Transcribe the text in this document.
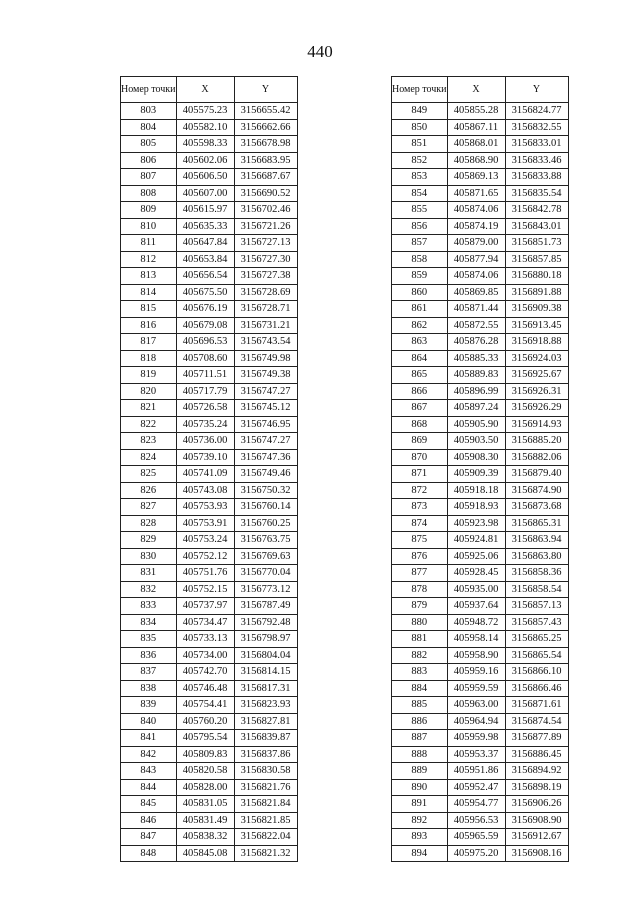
440
Номер точки	X	Y
803	405575.23	3156655.42
804	405582.10	3156662.66
805	405598.33	3156678.98
806	405602.06	3156683.95
807	405606.50	3156687.67
808	405607.00	3156690.52
809	405615.97	3156702.46
810	405635.33	3156721.26
811	405647.84	3156727.13
812	405653.84	3156727.30
813	405656.54	3156727.38
814	405675.50	3156728.69
815	405676.19	3156728.71
816	405679.08	3156731.21
817	405696.53	3156743.54
818	405708.60	3156749.98
819	405711.51	3156749.38
820	405717.79	3156747.27
821	405726.58	3156745.12
822	405735.24	3156746.95
823	405736.00	3156747.27
824	405739.10	3156747.36
825	405741.09	3156749.46
826	405743.08	3156750.32
827	405753.93	3156760.14
828	405753.91	3156760.25
829	405753.24	3156763.75
830	405752.12	3156769.63
831	405751.76	3156770.04
832	405752.15	3156773.12
833	405737.97	3156787.49
834	405734.47	3156792.48
835	405733.13	3156798.97
836	405734.00	3156804.04
837	405742.70	3156814.15
838	405746.48	3156817.31
839	405754.41	3156823.93
840	405760.20	3156827.81
841	405795.54	3156839.87
842	405809.83	3156837.86
843	405820.58	3156830.58
844	405828.00	3156821.76
845	405831.05	3156821.84
846	405831.49	3156821.85
847	405838.32	3156822.04
848	405845.08	3156821.32
Номер точки	X	Y
849	405855.28	3156824.77
850	405867.11	3156832.55
851	405868.01	3156833.01
852	405868.90	3156833.46
853	405869.13	3156833.88
854	405871.65	3156835.54
855	405874.06	3156842.78
856	405874.19	3156843.01
857	405879.00	3156851.73
858	405877.94	3156857.85
859	405874.06	3156880.18
860	405869.85	3156891.88
861	405871.44	3156909.38
862	405872.55	3156913.45
863	405876.28	3156918.88
864	405885.33	3156924.03
865	405889.83	3156925.67
866	405896.99	3156926.31
867	405897.24	3156926.29
868	405905.90	3156914.93
869	405903.50	3156885.20
870	405908.30	3156882.06
871	405909.39	3156879.40
872	405918.18	3156874.90
873	405918.93	3156873.68
874	405923.98	3156865.31
875	405924.81	3156863.94
876	405925.06	3156863.80
877	405928.45	3156858.36
878	405935.00	3156858.54
879	405937.64	3156857.13
880	405948.72	3156857.43
881	405958.14	3156865.25
882	405958.90	3156865.54
883	405959.16	3156866.10
884	405959.59	3156866.46
885	405963.00	3156871.61
886	405964.94	3156874.54
887	405959.98	3156877.89
888	405953.37	3156886.45
889	405951.86	3156894.92
890	405952.47	3156898.19
891	405954.77	3156906.26
892	405956.53	3156908.90
893	405965.59	3156912.67
894	405975.20	3156908.16
